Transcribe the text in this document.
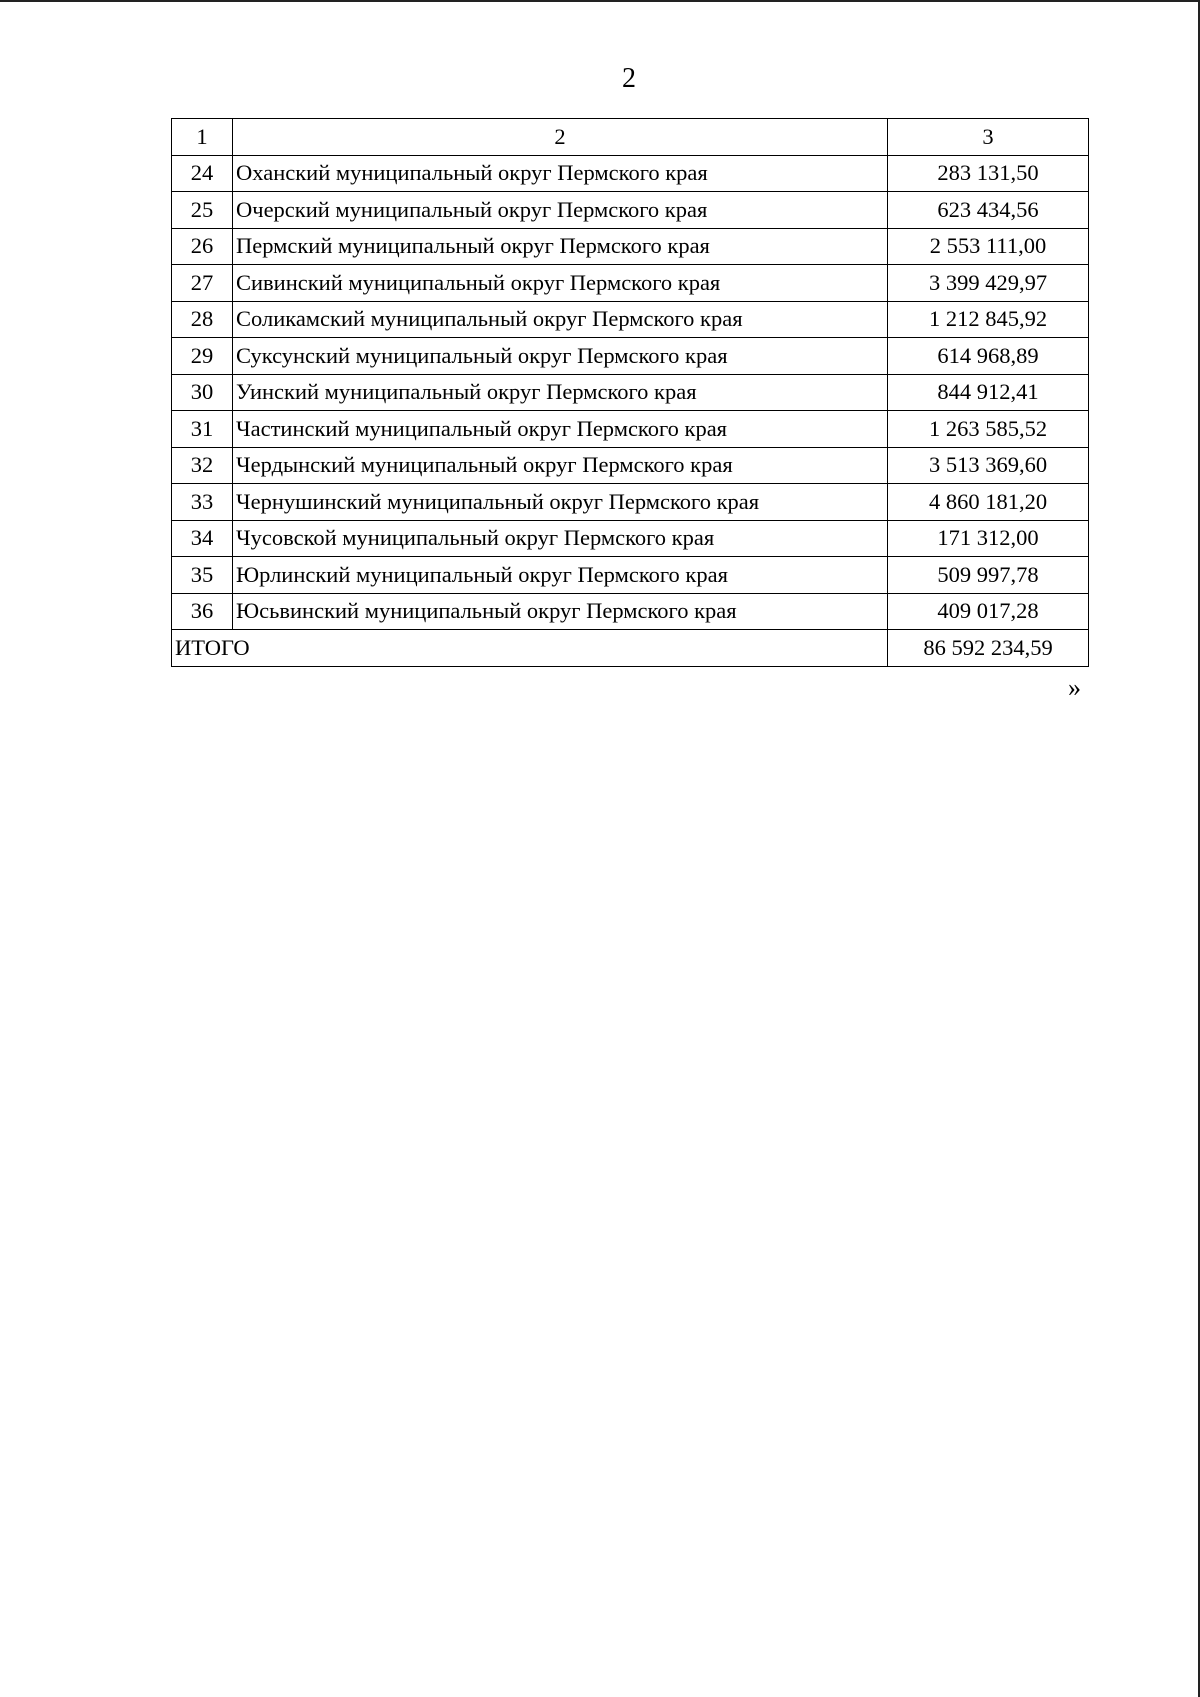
2
1	2	3
24	Оханский муниципальный округ Пермского края	283 131,50
25	Очерский муниципальный округ Пермского края	623 434,56
26	Пермский муниципальный округ Пермского края	2 553 111,00
27	Сивинский муниципальный округ Пермского края	3 399 429,97
28	Соликамский муниципальный округ Пермского края	1 212 845,92
29	Суксунский муниципальный округ Пермского края	614 968,89
30	Уинский муниципальный округ Пермского края	844 912,41
31	Частинский муниципальный округ Пермского края	1 263 585,52
32	Чердынский муниципальный округ Пермского края	3 513 369,60
33	Чернушинский муниципальный округ Пермского края	4 860 181,20
34	Чусовской муниципальный округ Пермского края	171 312,00
35	Юрлинский муниципальный округ Пермского края	509 997,78
36	Юсьвинский муниципальный округ Пермского края	409 017,28
ИТОГО		86 592 234,59
»
